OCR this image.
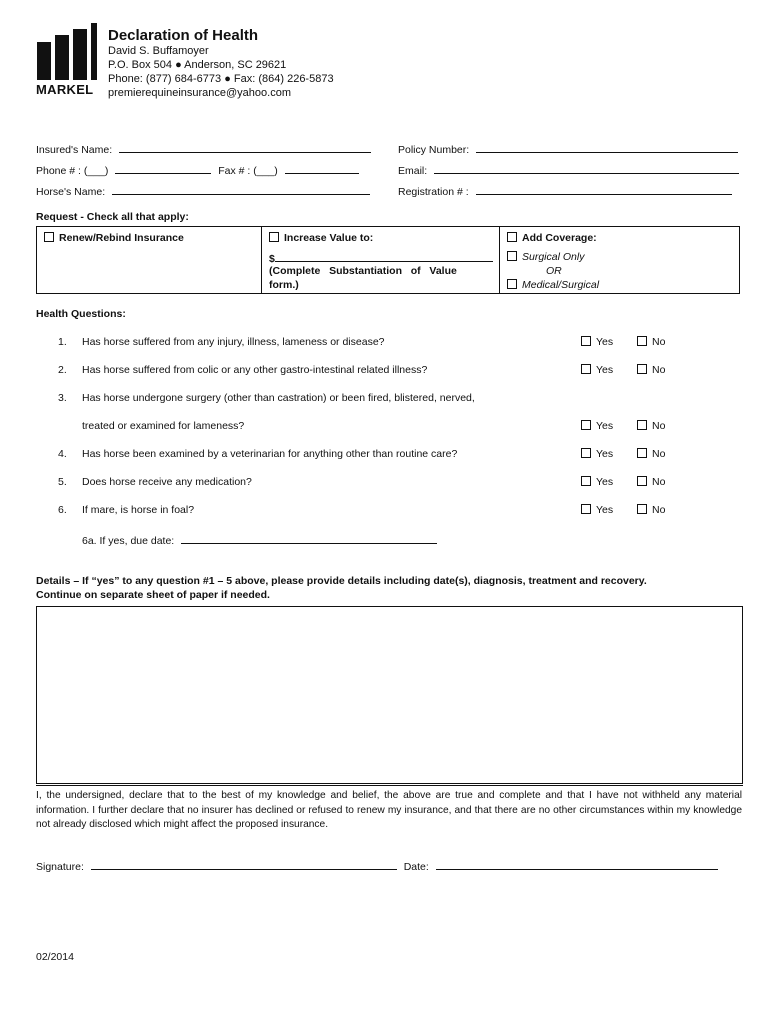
MARKEL
Declaration of Health
David S. Buffamoyer
P.O. Box 504 ● Anderson, SC 29621
Phone: (877) 684-6773 ● Fax: (864) 226-5873
premierequineinsurance@yahoo.com
Insured's Name:	Policy Number:
Phone # : (___)	Fax # : (___)	Email:
Horse's Name:	Registration # :
Request - Check all that apply:
Renew/Rebind Insurance	Increase Value to:
$
(Complete   Substantiation   of   Value
form.)
Add Coverage:
Surgical Only
OR
Medical/Surgical
Health Questions:
1. Has horse suffered from any injury, illness, lameness or disease?	Yes	No
2. Has horse suffered from colic or any other gastro-intestinal related illness?	Yes	No
3. Has horse undergone surgery (other than castration) or been fired, blistered, nerved,
treated or examined for lameness?	Yes	No
4. Has horse been examined by a veterinarian for anything other than routine care?	Yes	No
5. Does horse receive any medication?	Yes	No
6. If mare, is horse in foal?	Yes	No
6a. If yes, due date:
Details – If “yes” to any question #1 – 5 above, please provide details including date(s), diagnosis, treatment and recovery.
Continue on separate sheet of paper if needed.
I, the undersigned, declare that to the best of my knowledge and belief, the above are true and complete and that I have not withheld any material information. I further declare that no insurer has declined or refused to renew my insurance, and that there are no other circumstances within my knowledge not already disclosed which might affect the proposed insurance.
Signature:	Date:
02/2014
